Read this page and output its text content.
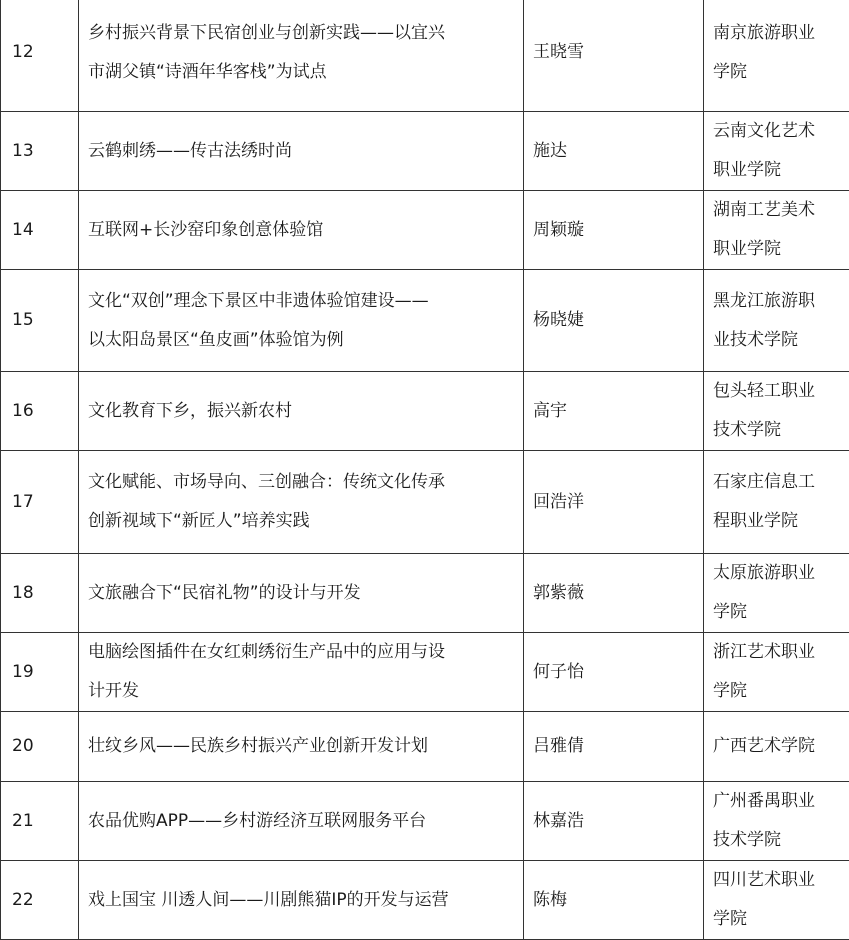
12	乡村振兴背景下民宿创业与创新实践——以宜兴
市湖父镇“诗酒年华客栈”为试点	王晓雪	南京旅游职业
学院

13	云鹤刺绣——传古法绣时尚	施达	云南文化艺术
职业学院

14	互联网+长沙窑印象创意体验馆	周颖璇	湖南工艺美术
职业学院

15	文化“双创”理念下景区中非遗体验馆建设——
以太阳岛景区“鱼皮画”体验馆为例	杨晓婕	黑龙江旅游职
业技术学院

16	文化教育下乡，振兴新农村	高宇	包头轻工职业
技术学院

17	文化赋能、市场导向、三创融合：传统文化传承
创新视域下“新匠人”培养实践	回浩洋	石家庄信息工
程职业学院

18	文旅融合下“民宿礼物”的设计与开发	郭紫薇	太原旅游职业
学院

19	电脑绘图插件在女红刺绣衍生产品中的应用与设
计开发	何子怡	浙江艺术职业
学院

20	壮纹乡风——民族乡村振兴产业创新开发计划	吕雅倩	广西艺术学院

21	农品优购APP——乡村游经济互联网服务平台	林嘉浩	广州番禺职业
技术学院

22	戏上国宝 川透人间——川剧熊猫IP的开发与运营	陈梅	四川艺术职业
学院
